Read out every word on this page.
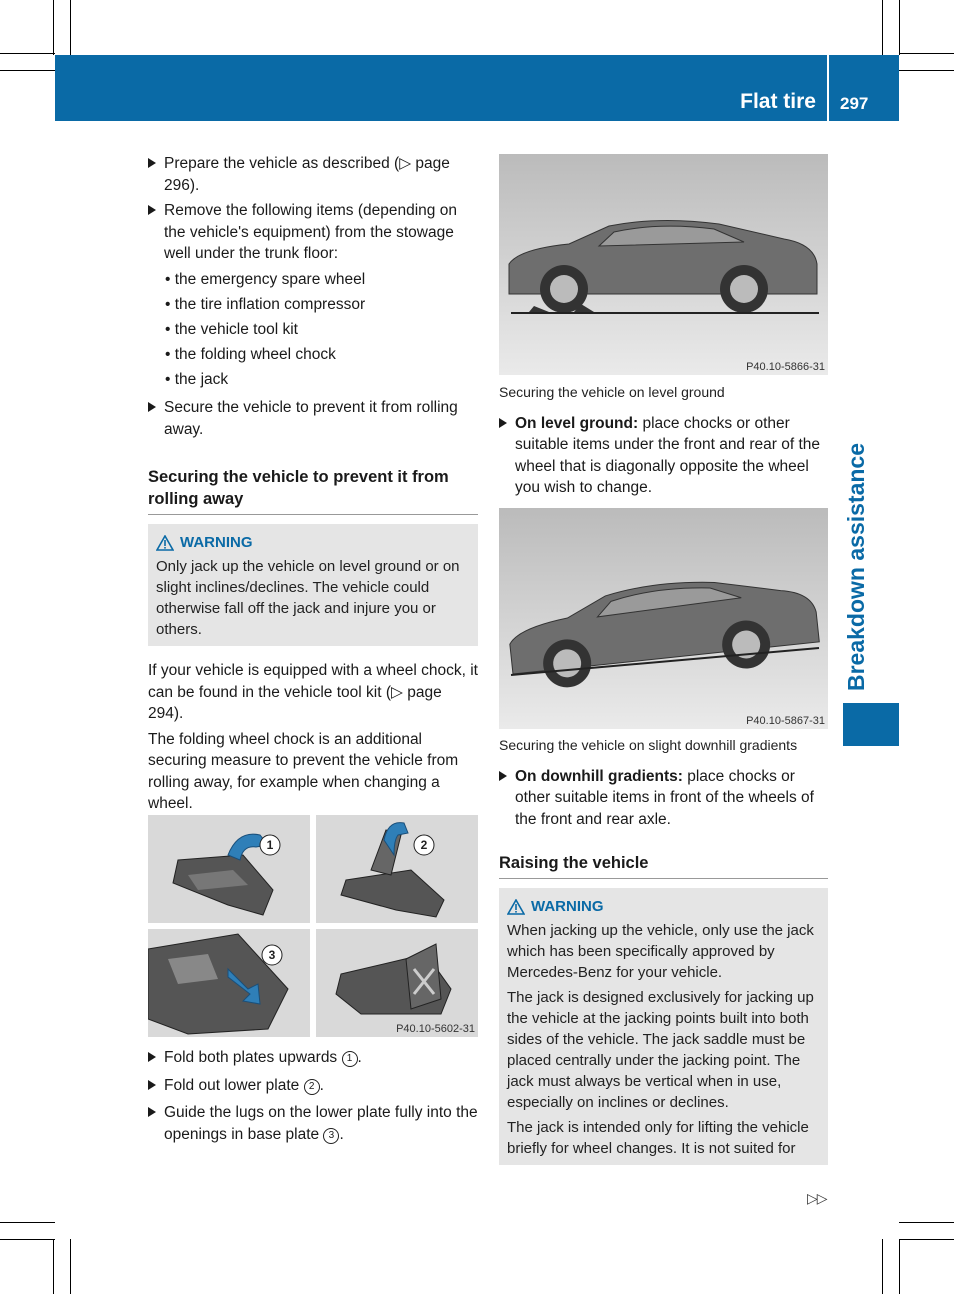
Flat tire 297
Breakdown assistance
Prepare the vehicle as described (▷ page 296).
Remove the following items (depending on the vehicle's equipment) from the stowage well under the trunk floor:
• the emergency spare wheel
• the tire inflation compressor
• the vehicle tool kit
• the folding wheel chock
• the jack
Secure the vehicle to prevent it from rolling away.
Securing the vehicle to prevent it from rolling away
WARNING
Only jack up the vehicle on level ground or on slight inclines/declines. The vehicle could otherwise fall off the jack and injure you or others.
If your vehicle is equipped with a wheel chock, it can be found in the vehicle tool kit (▷ page 294).
The folding wheel chock is an additional securing measure to prevent the vehicle from rolling away, for example when changing a wheel.
1	2
3
P40.10-5602-31
Fold both plates upwards 1 .
Fold out lower plate 2 .
Guide the lugs on the lower plate fully into the openings in base plate 3 .
P40.10-5866-31
Securing the vehicle on level ground
On level ground: place chocks or other suitable items under the front and rear of the wheel that is diagonally opposite the wheel you wish to change.
P40.10-5867-31
Securing the vehicle on slight downhill gradients
On downhill gradients: place chocks or other suitable items in front of the wheels of the front and rear axle.
Raising the vehicle
WARNING
When jacking up the vehicle, only use the jack which has been specifically approved by Mercedes-Benz for your vehicle.
The jack is designed exclusively for jacking up the vehicle at the jacking points built into both sides of the vehicle. The jack saddle must be placed centrally under the jacking point. The jack must always be vertical when in use, especially on inclines or declines.
The jack is intended only for lifting the vehicle briefly for wheel changes. It is not suited for
▷▷
